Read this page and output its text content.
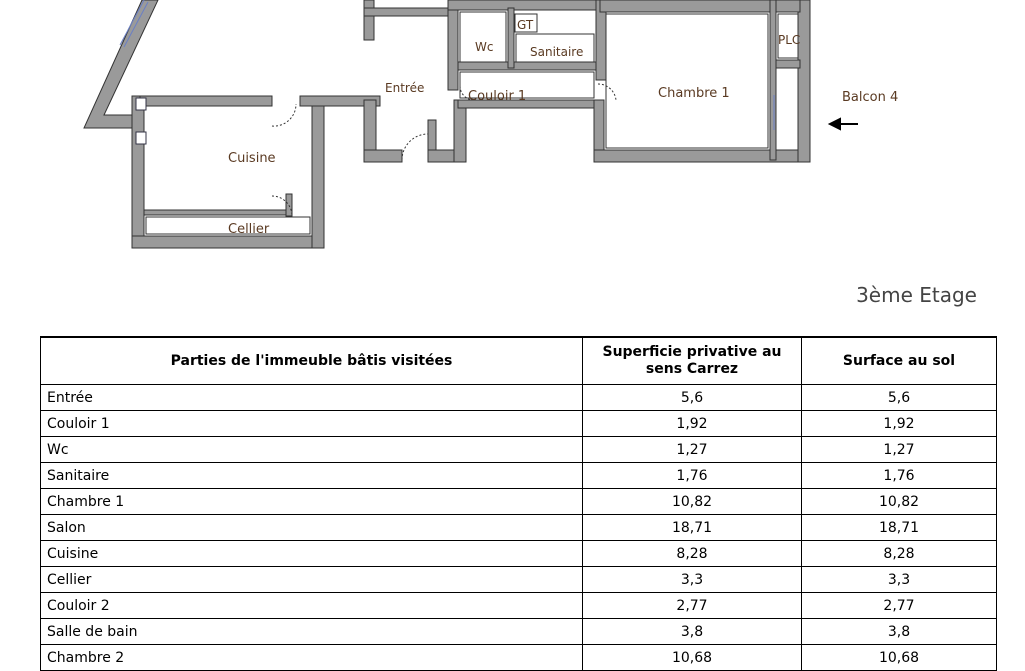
Wc
GT
Sanitaire
PLC
Entrée
Couloir 1	Chambre 1
Cuisine
Cellier
Balcon 4
3ème Etage
Parties de l'immeuble bâtis visitées	Superficie privative au sens Carrez	Surface au sol
Entrée	5,6	5,6
Couloir 1	1,92	1,92
Wc	1,27	1,27
Sanitaire	1,76	1,76
Chambre 1	10,82	10,82
Salon	18,71	18,71
Cuisine	8,28	8,28
Cellier	3,3	3,3
Couloir 2	2,77	2,77
Salle de bain	3,8	3,8
Chambre 2	10,68	10,68
